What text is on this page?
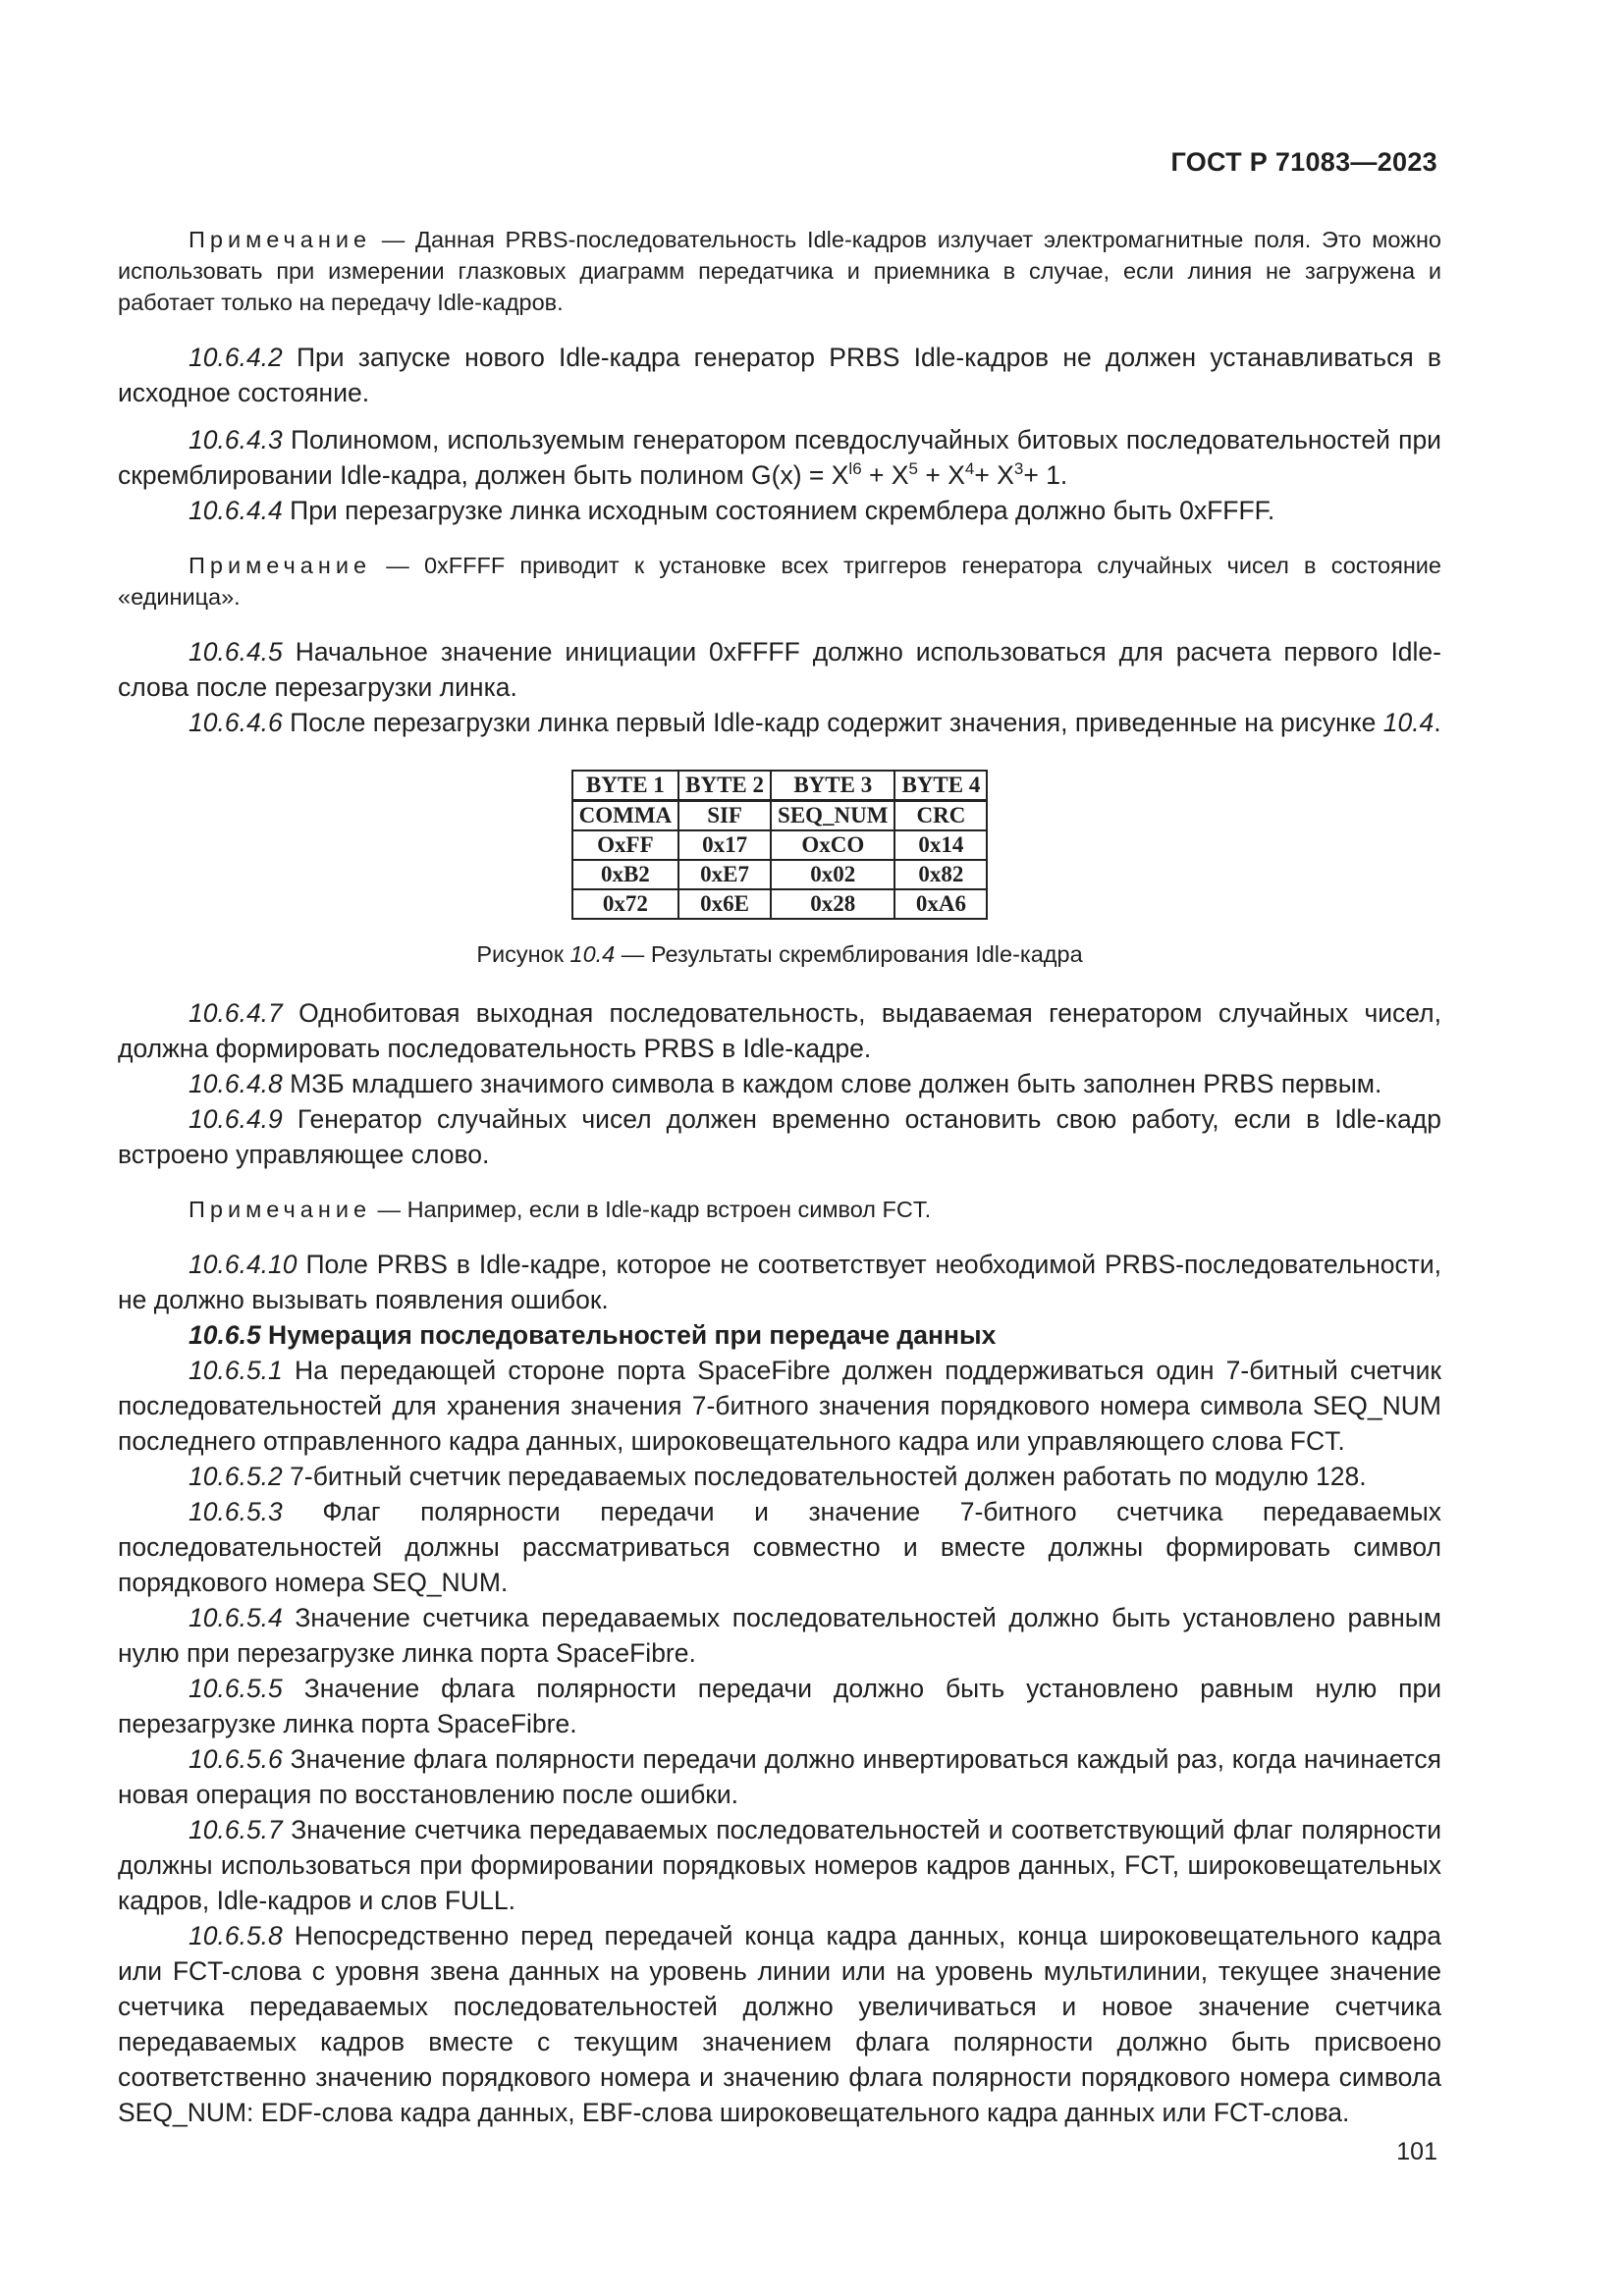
ГОСТ Р 71083—2023

Примечание — Данная PRBS-последовательность Idle-кадров излучает электромагнитные поля. Это можно использовать при измерении глазковых диаграмм передатчика и приемника в случае, если линия не загружена и работает только на передачу Idle-кадров.

10.6.4.2 При запуске нового Idle-кадра генератор PRBS Idle-кадров не должен устанавливаться в исходное состояние.

10.6.4.3 Полиномом, используемым генератором псевдослучайных битовых последовательностей при скремблировании Idle-кадра, должен быть полином $G(x) = X^{l6} + X^5 + X^4+ X^3+ 1$.

10.6.4.4 При перезагрузке линка исходным состоянием скремблера должно быть 0xFFFF.

Примечание — 0xFFFF приводит к установке всех триггеров генератора случайных чисел в состояние «единица».

10.6.4.5 Начальное значение инициации 0xFFFF должно использоваться для расчета первого Idle-слова после перезагрузки линка.

10.6.4.6 После перезагрузки линка первый Idle-кадр содержит значения, приведенные на рисунке 10.4.

BYTE 1	BYTE 2	BYTE 3	BYTE 4
COMMA	SIF	SEQ_NUM	CRC
OxFF	0x17	OxCO	0x14
0xB2	0xE7	0x02	0x82
0x72	0x6E	0x28	0xA6
Рисунок 10.4 — Результаты скремблирования Idle-кадра

10.6.4.7 Однобитовая выходная последовательность, выдаваемая генератором случайных чисел, должна формировать последовательность PRBS в Idle-кадре.

10.6.4.8 МЗБ младшего значимого символа в каждом слове должен быть заполнен PRBS первым.

10.6.4.9 Генератор случайных чисел должен временно остановить свою работу, если в Idle-кадр встроено управляющее слово.

Примечание — Например, если в Idle-кадр встроен символ FCT.

10.6.4.10 Поле PRBS в Idle-кадре, которое не соответствует необходимой PRBS-последовательности, не должно вызывать появления ошибок.

10.6.5 Нумерация последовательностей при передаче данных

10.6.5.1 На передающей стороне порта SpaceFibre должен поддерживаться один 7-битный счетчик последовательностей для хранения значения 7-битного значения порядкового номера символа SEQ_NUM последнего отправленного кадра данных, широковещательного кадра или управляющего слова FCT.

10.6.5.2 7-битный счетчик передаваемых последовательностей должен работать по модулю 128.

10.6.5.3 Флаг полярности передачи и значение 7-битного счетчика передаваемых последовательностей должны рассматриваться совместно и вместе должны формировать символ порядкового номера SEQ_NUM.

10.6.5.4 Значение счетчика передаваемых последовательностей должно быть установлено равным нулю при перезагрузке линка порта SpaceFibre.

10.6.5.5 Значение флага полярности передачи должно быть установлено равным нулю при перезагрузке линка порта SpaceFibre.

10.6.5.6 Значение флага полярности передачи должно инвертироваться каждый раз, когда начинается новая операция по восстановлению после ошибки.

10.6.5.7 Значение счетчика передаваемых последовательностей и соответствующий флаг полярности должны использоваться при формировании порядковых номеров кадров данных, FCT, широковещательных кадров, Idle-кадров и слов FULL.

10.6.5.8 Непосредственно перед передачей конца кадра данных, конца широковещательного кадра или FCT-слова с уровня звена данных на уровень линии или на уровень мультилинии, текущее значение счетчика передаваемых последовательностей должно увеличиваться и новое значение счетчика передаваемых кадров вместе с текущим значением флага полярности должно быть присвоено соответственно значению порядкового номера и значению флага полярности порядкового номера символа SEQ_NUM: EDF-слова кадра данных, EBF-слова широковещательного кадра данных или FCT-слова.

101
